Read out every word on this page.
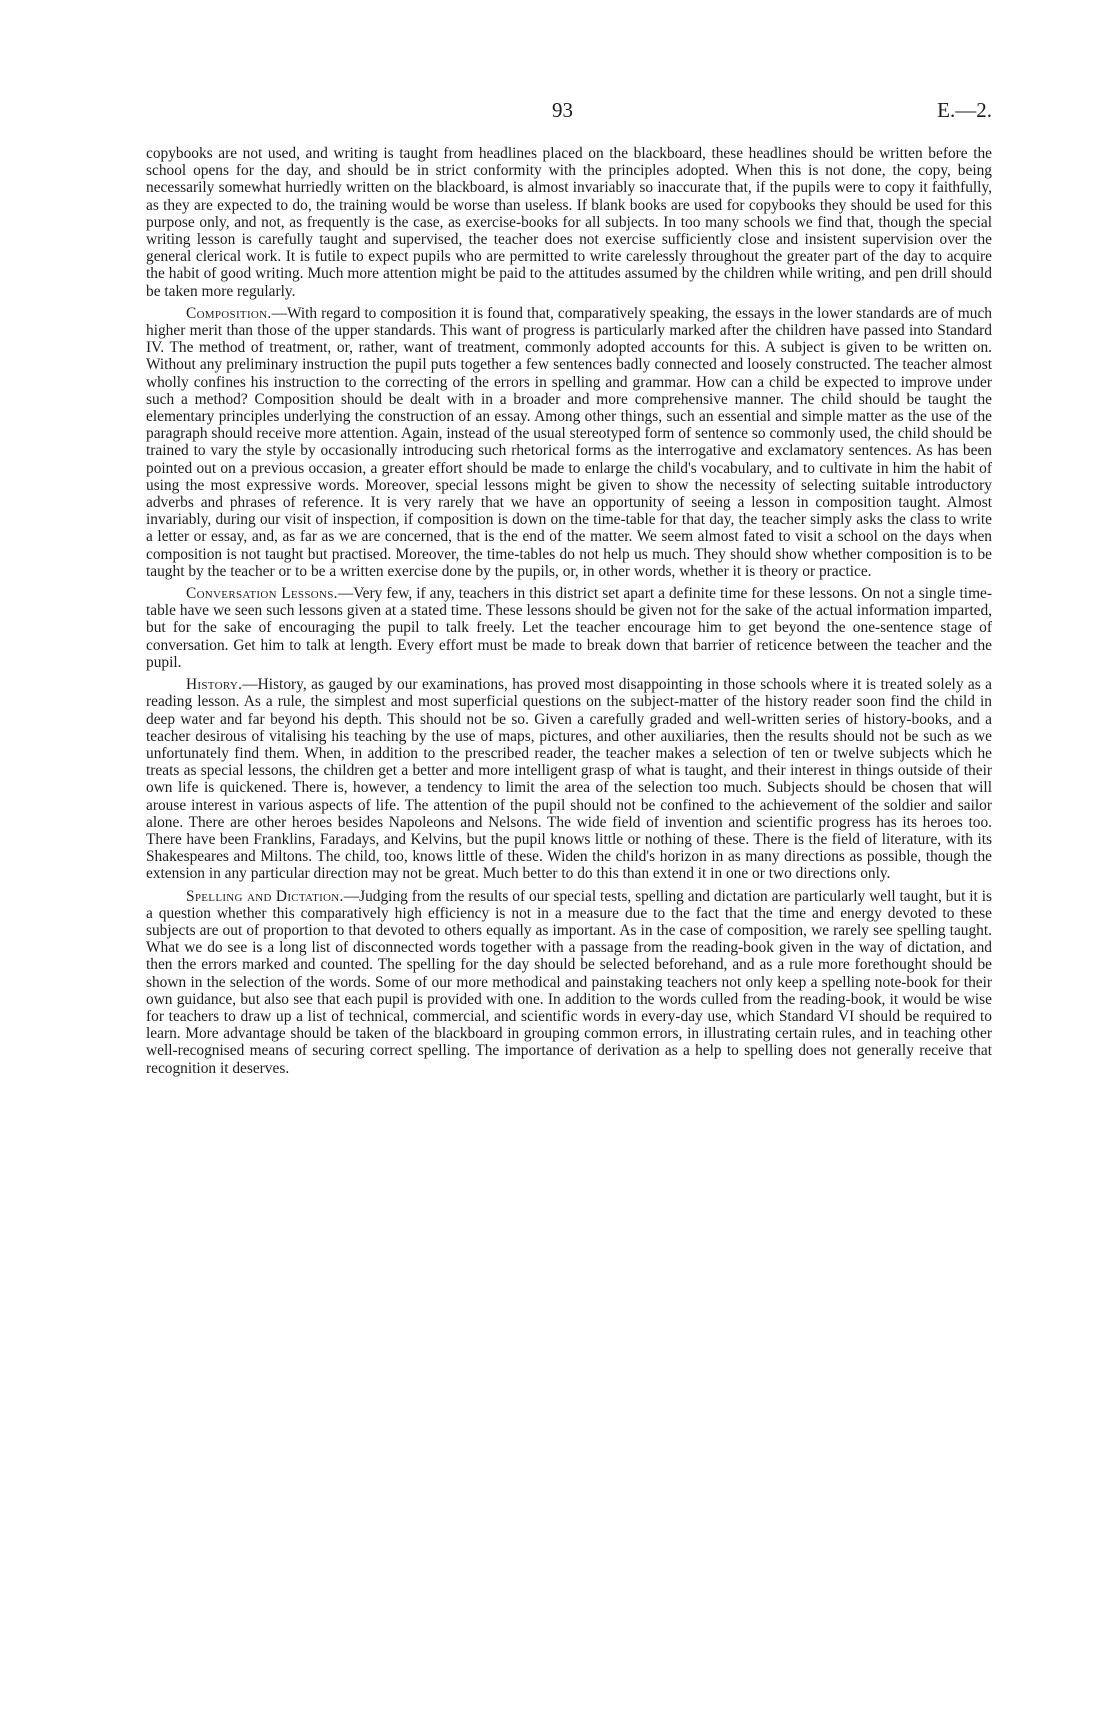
93	E.—2.

copybooks are not used, and writing is taught from headlines placed on the blackboard, these headlines should be written before the school opens for the day, and should be in strict conformity with the principles adopted. When this is not done, the copy, being necessarily somewhat hurriedly written on the blackboard, is almost invariably so inaccurate that, if the pupils were to copy it faithfully, as they are expected to do, the training would be worse than useless. If blank books are used for copybooks they should be used for this purpose only, and not, as frequently is the case, as exercise-books for all subjects. In too many schools we find that, though the special writing lesson is carefully taught and supervised, the teacher does not exercise sufficiently close and insistent supervision over the general clerical work. It is futile to expect pupils who are permitted to write carelessly throughout the greater part of the day to acquire the habit of good writing. Much more attention might be paid to the attitudes assumed by the children while writing, and pen drill should be taken more regularly.

Composition.—With regard to composition it is found that, comparatively speaking, the essays in the lower standards are of much higher merit than those of the upper standards. This want of progress is particularly marked after the children have passed into Standard IV. The method of treatment, or, rather, want of treatment, commonly adopted accounts for this. A subject is given to be written on. Without any preliminary instruction the pupil puts together a few sentences badly connected and loosely constructed. The teacher almost wholly confines his instruction to the correcting of the errors in spelling and grammar. How can a child be expected to improve under such a method? Composition should be dealt with in a broader and more comprehensive manner. The child should be taught the elementary principles underlying the construction of an essay. Among other things, such an essential and simple matter as the use of the paragraph should receive more attention. Again, instead of the usual stereotyped form of sentence so commonly used, the child should be trained to vary the style by occasionally introducing such rhetorical forms as the interrogative and exclamatory sentences. As has been pointed out on a previous occasion, a greater effort should be made to enlarge the child's vocabulary, and to cultivate in him the habit of using the most expressive words. Moreover, special lessons might be given to show the necessity of selecting suitable introductory adverbs and phrases of reference. It is very rarely that we have an opportunity of seeing a lesson in composition taught. Almost invariably, during our visit of inspection, if composition is down on the time-table for that day, the teacher simply asks the class to write a letter or essay, and, as far as we are concerned, that is the end of the matter. We seem almost fated to visit a school on the days when composition is not taught but practised. Moreover, the time-tables do not help us much. They should show whether composition is to be taught by the teacher or to be a written exercise done by the pupils, or, in other words, whether it is theory or practice.

Conversation Lessons.—Very few, if any, teachers in this district set apart a definite time for these lessons. On not a single time-table have we seen such lessons given at a stated time. These lessons should be given not for the sake of the actual information imparted, but for the sake of encouraging the pupil to talk freely. Let the teacher encourage him to get beyond the one-sentence stage of conversation. Get him to talk at length. Every effort must be made to break down that barrier of reticence between the teacher and the pupil.

History.—History, as gauged by our examinations, has proved most disappointing in those schools where it is treated solely as a reading lesson. As a rule, the simplest and most superficial questions on the subject-matter of the history reader soon find the child in deep water and far beyond his depth. This should not be so. Given a carefully graded and well-written series of history-books, and a teacher desirous of vitalising his teaching by the use of maps, pictures, and other auxiliaries, then the results should not be such as we unfortunately find them. When, in addition to the prescribed reader, the teacher makes a selection of ten or twelve subjects which he treats as special lessons, the children get a better and more intelligent grasp of what is taught, and their interest in things outside of their own life is quickened. There is, however, a tendency to limit the area of the selection too much. Subjects should be chosen that will arouse interest in various aspects of life. The attention of the pupil should not be confined to the achievement of the soldier and sailor alone. There are other heroes besides Napoleons and Nelsons. The wide field of invention and scientific progress has its heroes too. There have been Franklins, Faradays, and Kelvins, but the pupil knows little or nothing of these. There is the field of literature, with its Shakespeares and Miltons. The child, too, knows little of these. Widen the child's horizon in as many directions as possible, though the extension in any particular direction may not be great. Much better to do this than extend it in one or two directions only.

Spelling and Dictation.—Judging from the results of our special tests, spelling and dictation are particularly well taught, but it is a question whether this comparatively high efficiency is not in a measure due to the fact that the time and energy devoted to these subjects are out of proportion to that devoted to others equally as important. As in the case of composition, we rarely see spelling taught. What we do see is a long list of disconnected words together with a passage from the reading-book given in the way of dictation, and then the errors marked and counted. The spelling for the day should be selected beforehand, and as a rule more forethought should be shown in the selection of the words. Some of our more methodical and painstaking teachers not only keep a spelling note-book for their own guidance, but also see that each pupil is provided with one. In addition to the words culled from the reading-book, it would be wise for teachers to draw up a list of technical, commercial, and scientific words in every-day use, which Standard VI should be required to learn. More advantage should be taken of the blackboard in grouping common errors, in illustrating certain rules, and in teaching other well-recognised means of securing correct spelling. The importance of derivation as a help to spelling does not generally receive that recognition it deserves.
